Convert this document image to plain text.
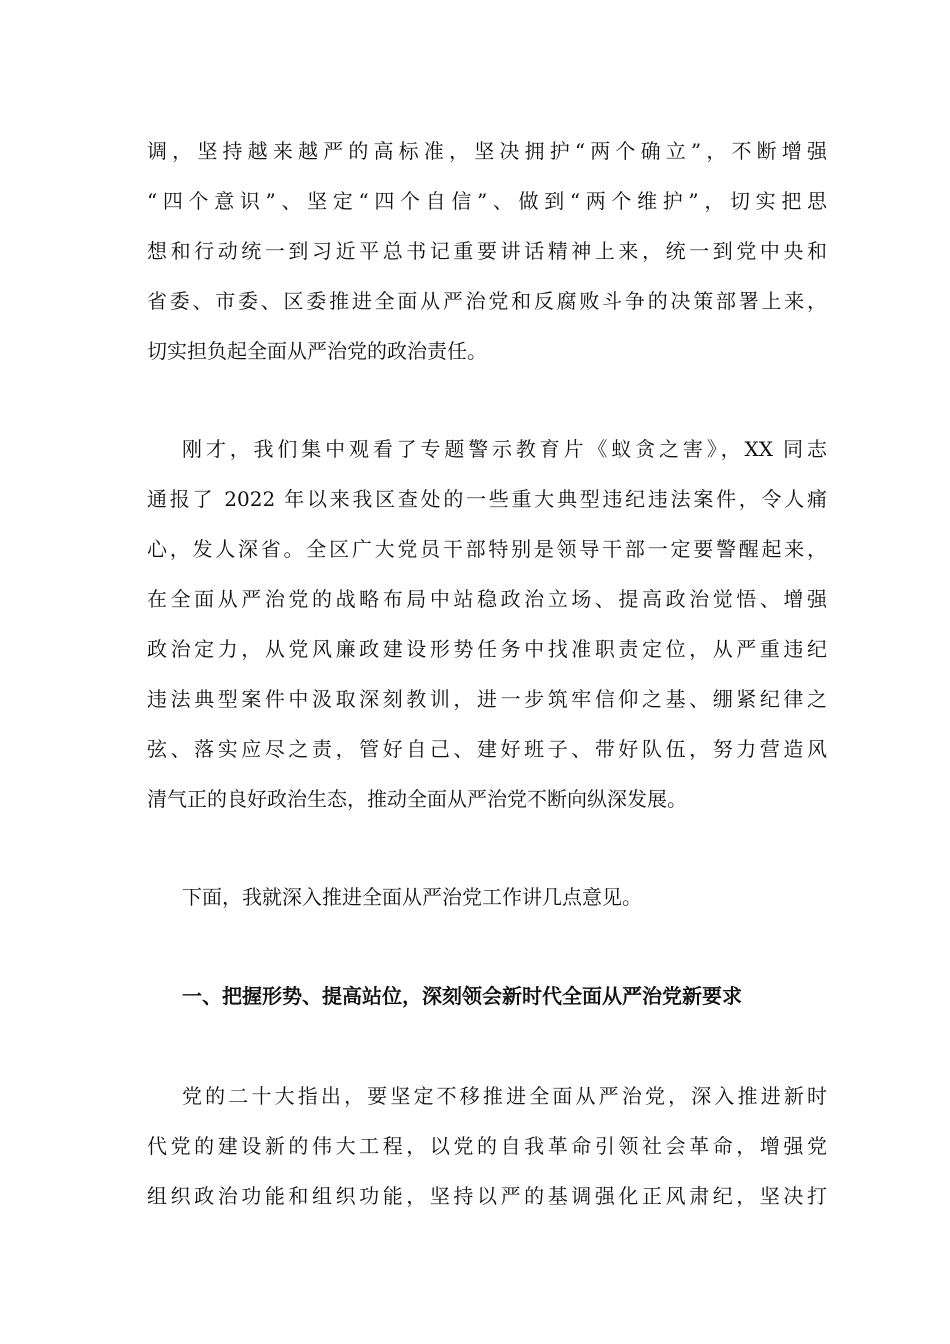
调，坚持越来越严的高标准，坚决拥护“两个确立”，不断增强
“四个意识”、坚定“四个自信”、做到“两个维护”，切实把思
想和行动统一到习近平总书记重要讲话精神上来，统一到党中央和
省委、市委、区委推进全面从严治党和反腐败斗争的决策部署上来，
切实担负起全面从严治党的政治责任。
刚才，我们集中观看了专题警示教育片《蚁贪之害》，XX 同志
通报了 2022 年以来我区查处的一些重大典型违纪违法案件，令人痛
心，发人深省。全区广大党员干部特别是领导干部一定要警醒起来，
在全面从严治党的战略布局中站稳政治立场、提高政治觉悟、增强
政治定力，从党风廉政建设形势任务中找准职责定位，从严重违纪
违法典型案件中汲取深刻教训，进一步筑牢信仰之基、绷紧纪律之
弦、落实应尽之责，管好自己、建好班子、带好队伍，努力营造风
清气正的良好政治生态，推动全面从严治党不断向纵深发展。
下面，我就深入推进全面从严治党工作讲几点意见。
一、把握形势、提高站位，深刻领会新时代全面从严治党新要求
党的二十大指出，要坚定不移推进全面从严治党，深入推进新时
代党的建设新的伟大工程，以党的自我革命引领社会革命，增强党
组织政治功能和组织功能，坚持以严的基调强化正风肃纪，坚决打
